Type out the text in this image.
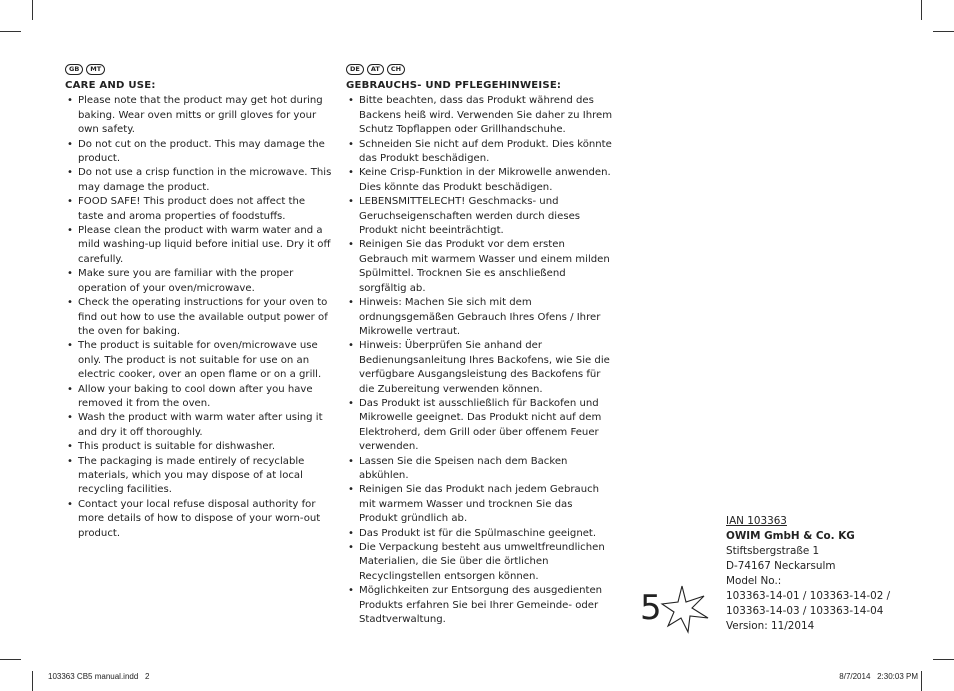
GB	MT
CARE AND USE:
• Please note that the product may get hot during baking. Wear oven mitts or grill gloves for your own safety.
• Do not cut on the product. This may damage the product.
• Do not use a crisp function in the microwave. This may damage the product.
• FOOD SAFE! This product does not affect the taste and aroma properties of foodstuffs.
• Please clean the product with warm water and a mild washing-up liquid before initial use. Dry it off carefully.
• Make sure you are familiar with the proper operation of your oven/microwave.
• Check the operating instructions for your oven to find out how to use the available output power of the oven for baking.
• The product is suitable for oven/microwave use only. The product is not suitable for use on an electric cooker, over an open flame or on a grill.
• Allow your baking to cool down after you have removed it from the oven.
• Wash the product with warm water after using it and dry it off thoroughly.
• This product is suitable for dishwasher.
• The packaging is made entirely of recyclable materials, which you may dispose of at local recycling facilities.
• Contact your local refuse disposal authority for more details of how to dispose of your worn-out product.
DE	AT	CH
GEBRAUCHS- UND PFLEGEHINWEISE:
• Bitte beachten, dass das Produkt während des Backens heiß wird. Verwenden Sie daher zu Ihrem Schutz Topflappen oder Grillhandschuhe.
• Schneiden Sie nicht auf dem Produkt. Dies könnte das Produkt beschädigen.
• Keine Crisp-Funktion in der Mikrowelle anwenden. Dies könnte das Produkt beschädigen.
• LEBENSMITTELECHT! Geschmacks- und Geruchseigenschaften werden durch dieses Produkt nicht beeinträchtigt.
• Reinigen Sie das Produkt vor dem ersten Gebrauch mit warmem Wasser und einem milden Spülmittel. Trocknen Sie es anschließend sorgfältig ab.
• Hinweis: Machen Sie sich mit dem ordnungsgemäßen Gebrauch Ihres Ofens / Ihrer Mikrowelle vertraut.
• Hinweis: Überprüfen Sie anhand der Bedienungsanleitung Ihres Backofens, wie Sie die verfügbare Ausgangsleistung des Backofens für die Zubereitung verwenden können.
• Das Produkt ist ausschließlich für Backofen und Mikrowelle geeignet. Das Produkt nicht auf dem Elektroherd, dem Grill oder über offenem Feuer verwenden.
• Lassen Sie die Speisen nach dem Backen abkühlen.
• Reinigen Sie das Produkt nach jedem Gebrauch mit warmem Wasser und trocknen Sie das Produkt gründlich ab.
• Das Produkt ist für die Spülmaschine geeignet.
• Die Verpackung besteht aus umweltfreundlichen Materialien, die Sie über die örtlichen Recyclingstellen entsorgen können.
• Möglichkeiten zur Entsorgung des ausgedienten Produkts erfahren Sie bei Ihrer Gemeinde- oder Stadtverwaltung.	5
IAN 103363
OWIM GmbH & Co. KG
Stiftsbergstraße 1
D-74167 Neckarsulm
Model No.:
103363-14-01 / 103363-14-02 /
103363-14-03 / 103363-14-04
Version: 11/2014
103363 CB5 manual.indd   2	8/7/2014   2:30:03 PM
